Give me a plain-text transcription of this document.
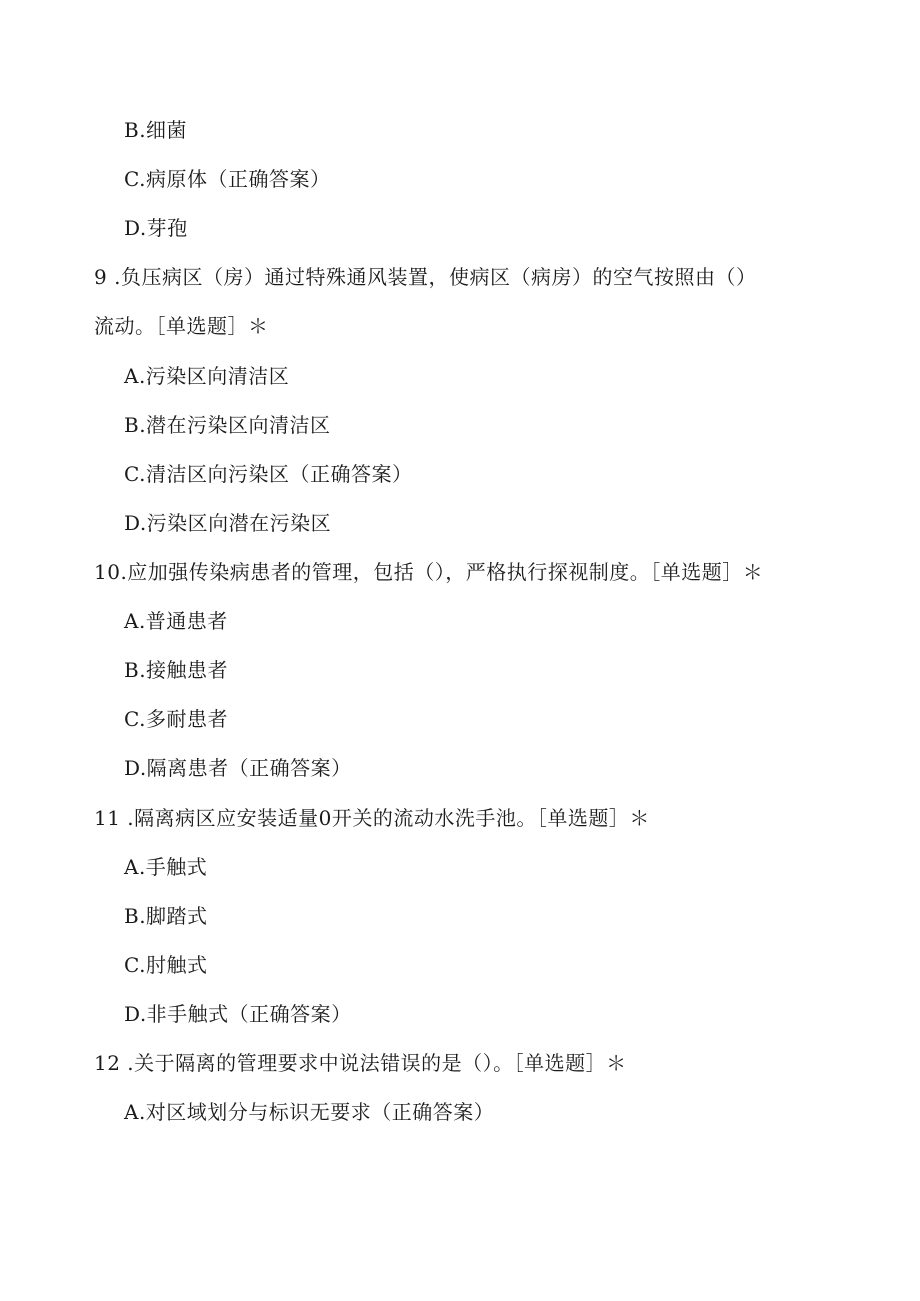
B.细菌
C.病原体（正确答案）
D.芽孢
9 .负压病区（房）通过特殊通风装置，使病区（病房）的空气按照由（）
流动。［单选题］＊
A.污染区向清洁区
B.潜在污染区向清洁区
C.清洁区向污染区（正确答案）
D.污染区向潜在污染区
10.应加强传染病患者的管理，包括（），严格执行探视制度。［单选题］＊
A.普通患者
B.接触患者
C.多耐患者
D.隔离患者（正确答案）
11 .隔离病区应安装适量0开关的流动水洗手池。［单选题］＊
A.手触式
B.脚踏式
C.肘触式
D.非手触式（正确答案）
12 .关于隔离的管理要求中说法错误的是（）。［单选题］＊
A.对区域划分与标识无要求（正确答案）
